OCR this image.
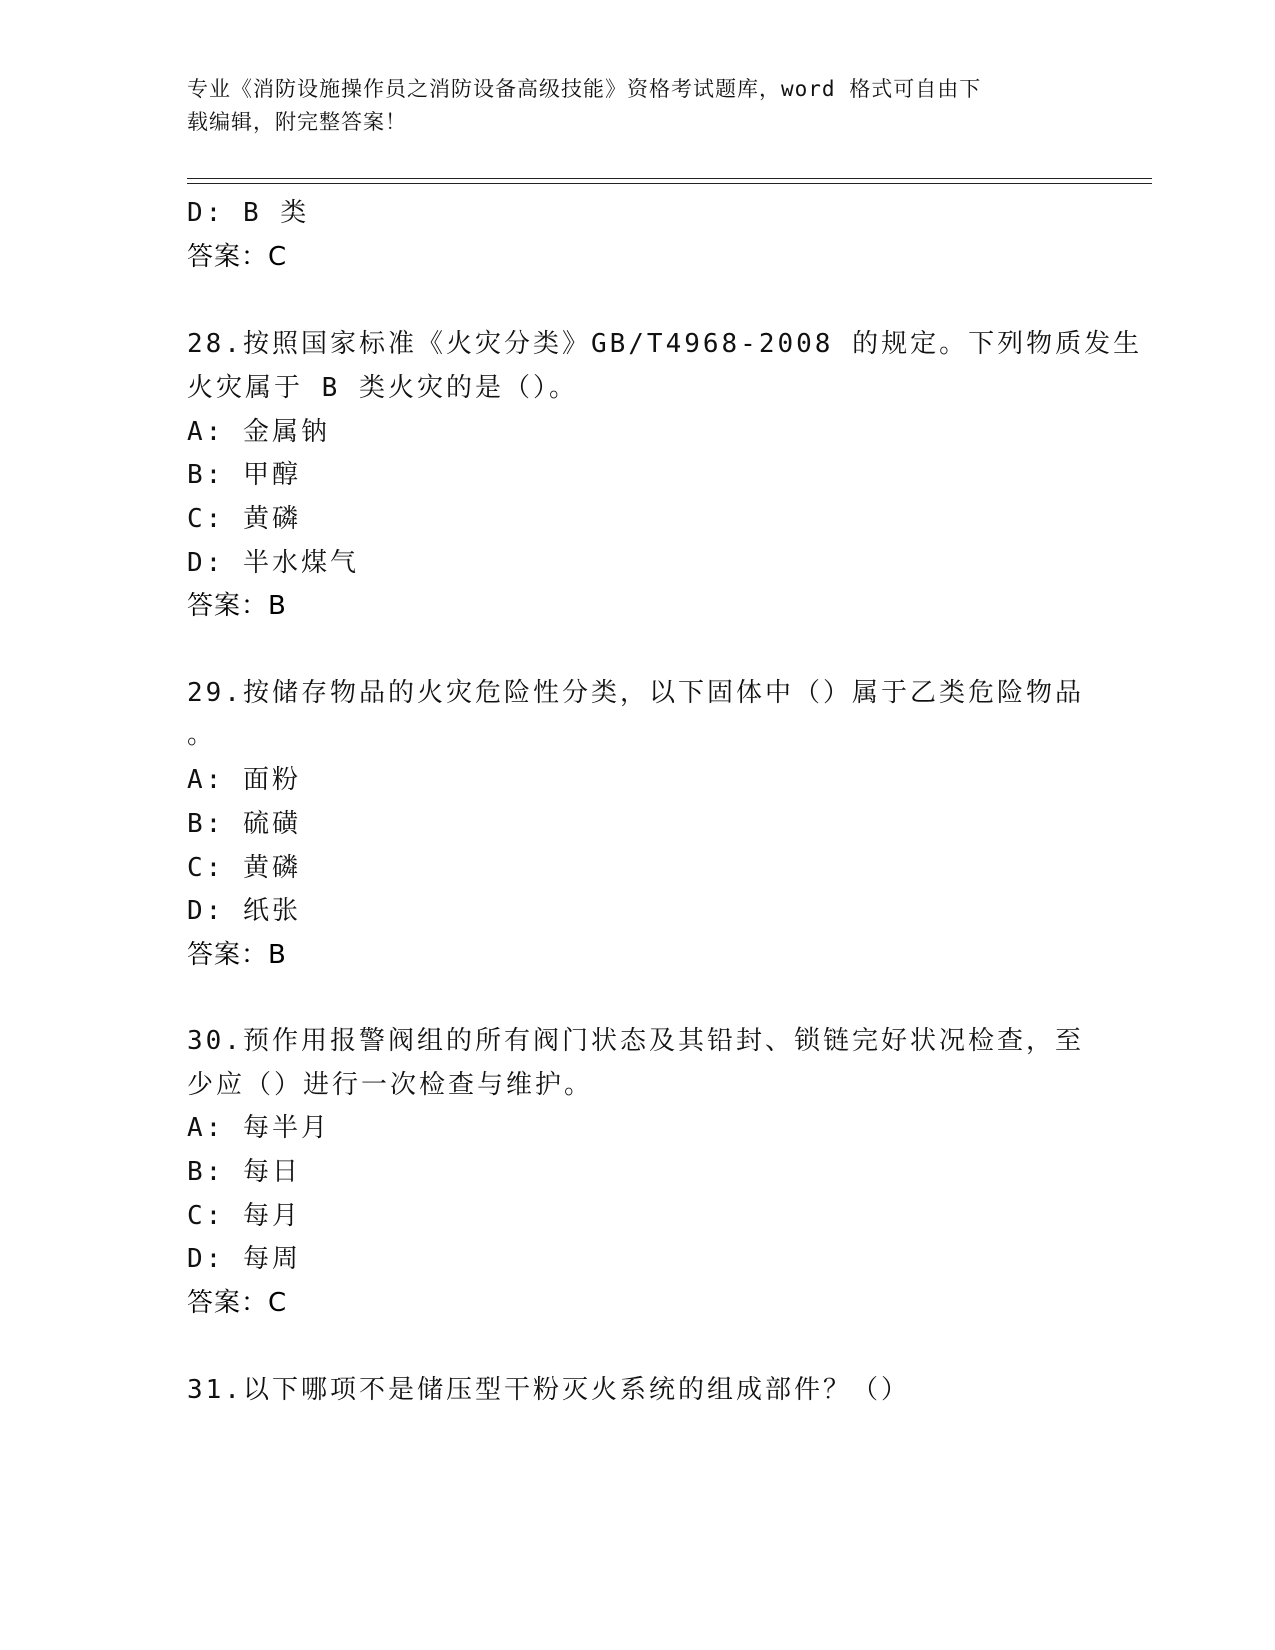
专业《消防设施操作员之消防设备高级技能》资格考试题库，word 格式可自由下
载编辑，附完整答案！
D: B 类
答案：C
28.按照国家标准《火灾分类》GB/T4968-2008 的规定。下列物质发生
火灾属于 B 类火灾的是（）。
A: 金属钠
B: 甲醇
C: 黄磷
D: 半水煤气
答案：B
29.按储存物品的火灾危险性分类，以下固体中（）属于乙类危险物品
。
A: 面粉
B: 硫磺
C: 黄磷
D: 纸张
答案：B
30.预作用报警阀组的所有阀门状态及其铅封、锁链完好状况检查，至
少应（）进行一次检查与维护。
A: 每半月
B: 每日
C: 每月
D: 每周
答案：C
31.以下哪项不是储压型干粉灭火系统的组成部件？（）
